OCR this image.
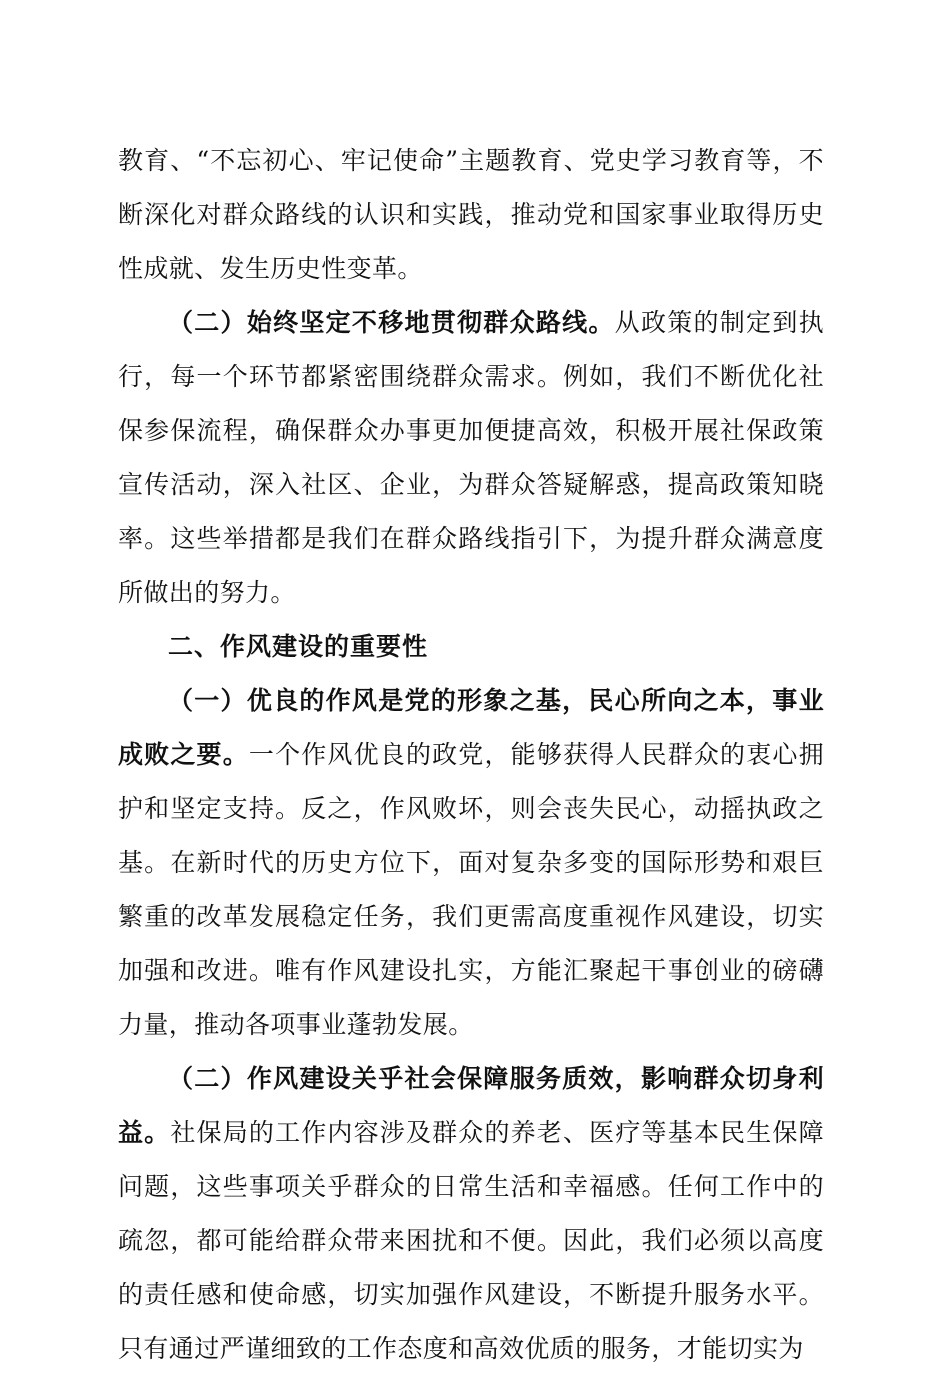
教育、“不忘初心、牢记使命”主题教育、党史学习教育等，不断深化对群众路线的认识和实践，推动党和国家事业取得历史性成就、发生历史性变革。

（二）始终坚定不移地贯彻群众路线。从政策的制定到执行，每一个环节都紧密围绕群众需求。例如，我们不断优化社保参保流程，确保群众办事更加便捷高效，积极开展社保政策宣传活动，深入社区、企业，为群众答疑解惑，提高政策知晓率。这些举措都是我们在群众路线指引下，为提升群众满意度所做出的努力。

二、作风建设的重要性

（一）优良的作风是党的形象之基，民心所向之本，事业成败之要。一个作风优良的政党，能够获得人民群众的衷心拥护和坚定支持。反之，作风败坏，则会丧失民心，动摇执政之基。在新时代的历史方位下，面对复杂多变的国际形势和艰巨繁重的改革发展稳定任务，我们更需高度重视作风建设，切实加强和改进。唯有作风建设扎实，方能汇聚起干事创业的磅礴力量，推动各项事业蓬勃发展。

（二）作风建设关乎社会保障服务质效，影响群众切身利益。社保局的工作内容涉及群众的养老、医疗等基本民生保障问题，这些事项关乎群众的日常生活和幸福感。任何工作中的疏忽，都可能给群众带来困扰和不便。因此，我们必须以高度的责任感和使命感，切实加强作风建设，不断提升服务水平。只有通过严谨细致的工作态度和高效优质的服务，才能切实为
